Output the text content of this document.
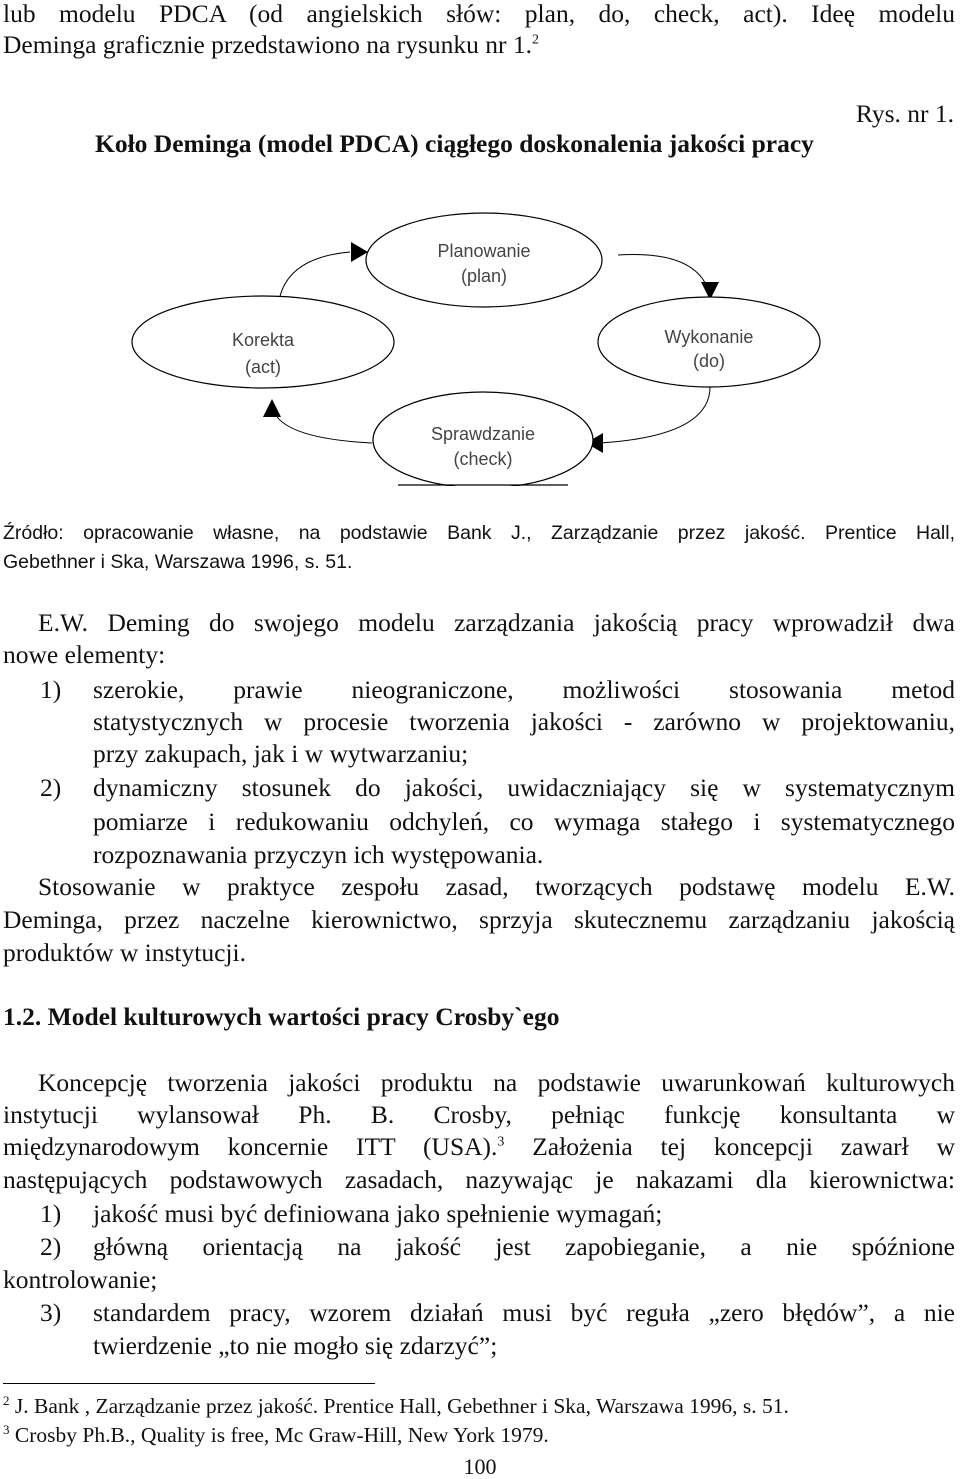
lub modelu PDCA (od angielskich słów: plan, do, check, act). Ideę modelu

Deminga graficznie przedstawiono na rysunku nr 1.$^2$

Rys. nr 1.

Koło Deminga (model PDCA) ciągłego doskonalenia jakości pracy

Planowanie
(plan)
Wykonanie
(do)
Korekta
(act)
Sprawdzanie
(check)

Źródło: opracowanie własne, na podstawie Bank J., Zarządzanie przez jakość. Prentice Hall,

Gebethner i Ska, Warszawa 1996, s. 51.

E.W. Deming do swojego modelu zarządzania jakością pracy wprowadził dwa

nowe elementy:

1) szerokie, prawie nieograniczone, możliwości stosowania metod

statystycznych w procesie tworzenia jakości - zarówno w projektowaniu,

przy zakupach, jak i w wytwarzaniu;

2) dynamiczny stosunek do jakości, uwidaczniający się w systematycznym

pomiarze i redukowaniu odchyleń, co wymaga stałego i systematycznego

rozpoznawania przyczyn ich występowania.

Stosowanie w praktyce zespołu zasad, tworzących podstawę modelu E.W.

Deminga, przez naczelne kierownictwo, sprzyja skutecznemu zarządzaniu jakością

produktów w instytucji.

1.2. Model kulturowych wartości pracy Crosby`ego

Koncepcję tworzenia jakości produktu na podstawie uwarunkowań kulturowych

instytucji wylansował Ph. B. Crosby, pełniąc funkcję konsultanta w

międzynarodowym koncernie ITT (USA).$^3$ Założenia tej koncepcji zawarł w

następujących podstawowych zasadach, nazywając je nakazami dla kierownictwa:

1) jakość musi być definiowana jako spełnienie wymagań;

2) główną orientacją na jakość jest zapobieganie, a nie spóźnione

kontrolowanie;

3) standardem pracy, wzorem działań musi być reguła „zero błędów”, a nie

twierdzenie „to nie mogło się zdarzyć”;

$^2$ J. Bank , Zarządzanie przez jakość. Prentice Hall, Gebethner i Ska, Warszawa 1996, s. 51.

$^3$ Crosby Ph.B., Quality is free, Mc Graw-Hill, New York 1979.

100
